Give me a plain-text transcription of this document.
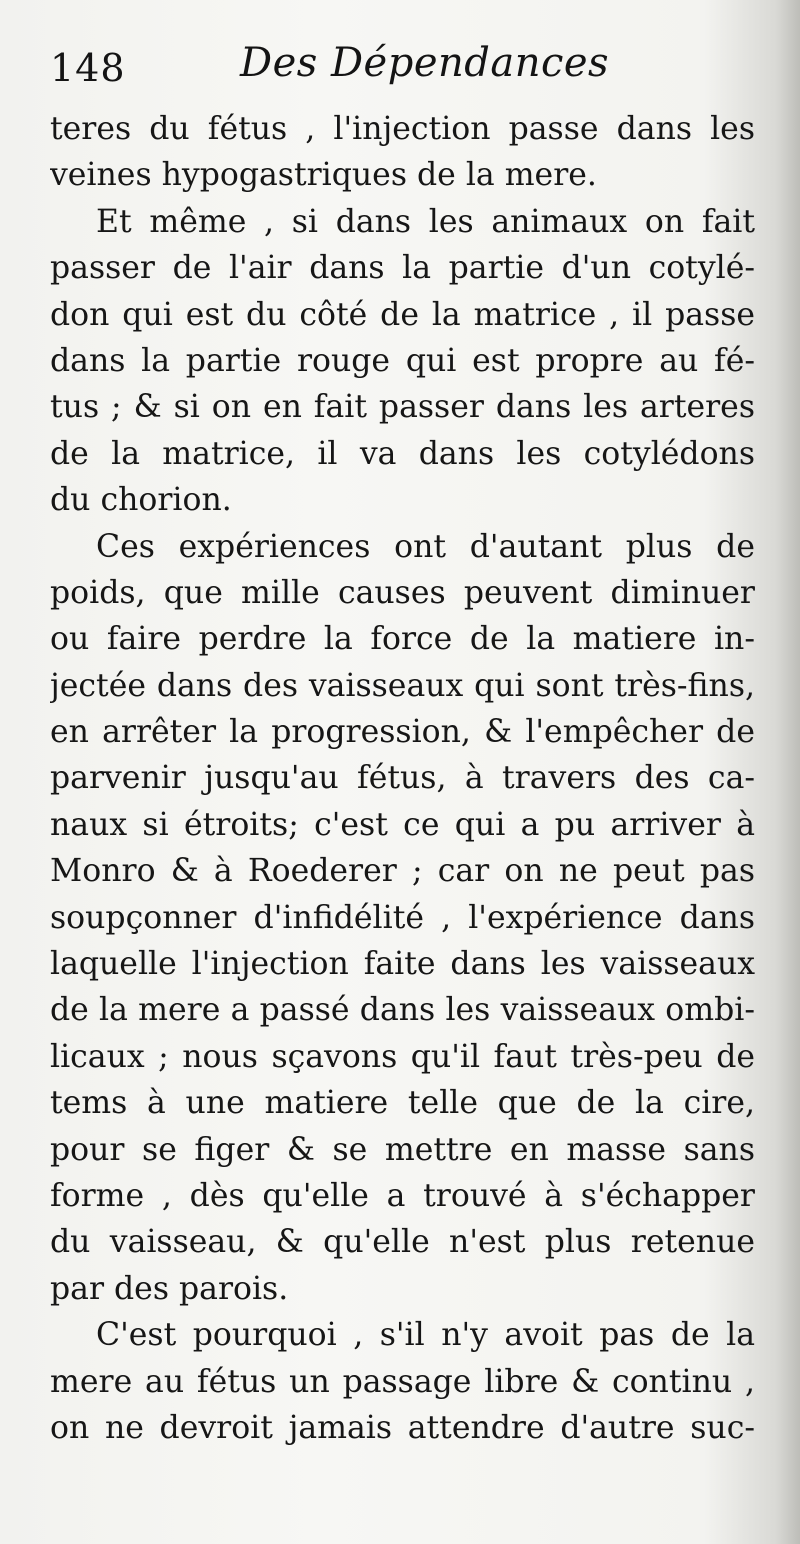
148	Des Dépendances
teres du fétus , l'injection passe dans les
veines hypogastriques de la mere.
Et même , si dans les animaux on fait
passer de l'air dans la partie d'un cotylé-
don qui est du côté de la matrice , il passe
dans la partie rouge qui est propre au fé-
tus ; & si on en fait passer dans les arteres
de la matrice, il va dans les cotylédons
du chorion.
Ces expériences ont d'autant plus de
poids, que mille causes peuvent diminuer
ou faire perdre la force de la matiere in-
jectée dans des vaisseaux qui sont très-fins,
en arrêter la progression, & l'empêcher de
parvenir jusqu'au fétus, à travers des ca-
naux si étroits; c'est ce qui a pu arriver à
Monro & à Roederer ; car on ne peut pas
soupçonner d'infidélité , l'expérience dans
laquelle l'injection faite dans les vaisseaux
de la mere a passé dans les vaisseaux ombi-
licaux ; nous sçavons qu'il faut très-peu de
tems à une matiere telle que de la cire,
pour se figer & se mettre en masse sans
forme , dès qu'elle a trouvé à s'échapper
du vaisseau, & qu'elle n'est plus retenue
par des parois.
C'est pourquoi , s'il n'y avoit pas de la
mere au fétus un passage libre & continu ,
on ne devroit jamais attendre d'autre suc-
